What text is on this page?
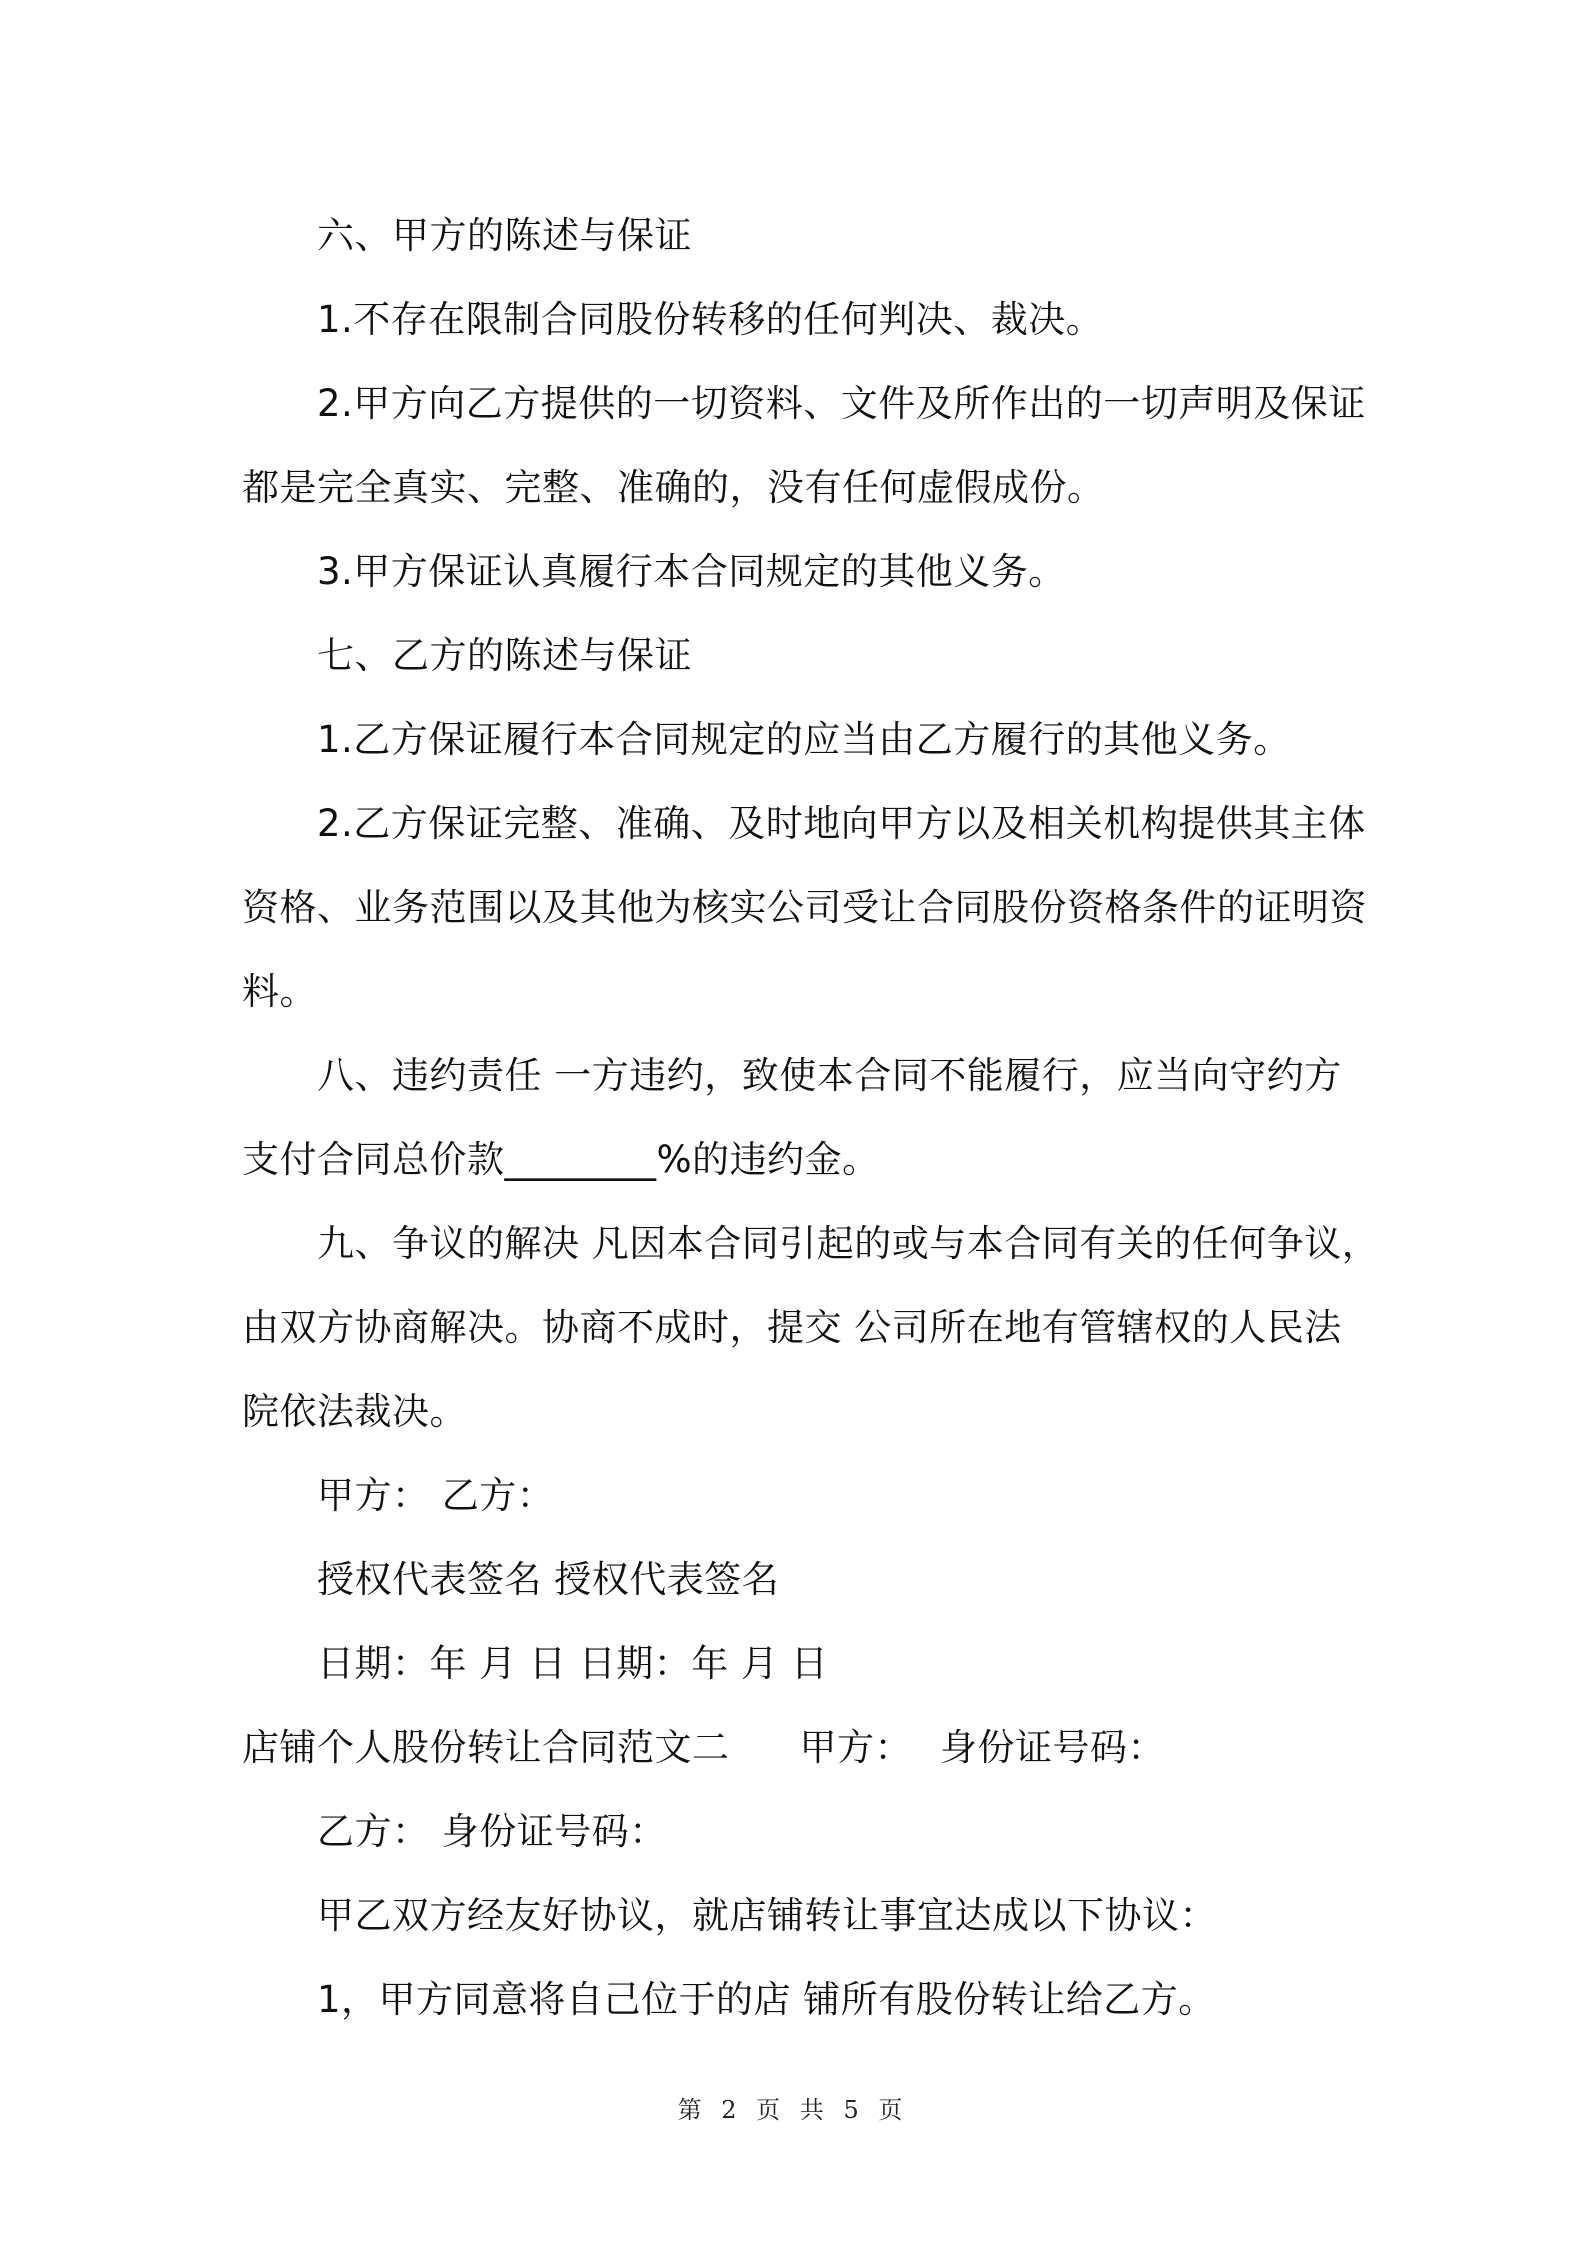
六、甲方的陈述与保证
1.不存在限制合同股份转移的任何判决、裁决。
2.甲方向乙方提供的一切资料、文件及所作出的一切声明及保证
都是完全真实、完整、准确的，没有任何虚假成份。
3.甲方保证认真履行本合同规定的其他义务。
七、乙方的陈述与保证
1.乙方保证履行本合同规定的应当由乙方履行的其他义务。
2.乙方保证完整、准确、及时地向甲方以及相关机构提供其主体
资格、业务范围以及其他为核实公司受让合同股份资格条件的证明资
料。
八、违约责任 一方违约，致使本合同不能履行，应当向守约方
支付合同总价款________%的违约金。
九、争议的解决 凡因本合同引起的或与本合同有关的任何争议，
由双方协商解决。协商不成时，提交 公司所在地有管辖权的人民法
院依法裁决。
甲方： 乙方：
授权代表签名 授权代表签名
日期：年 月 日 日期：年 月 日
店铺个人股份转让合同范文二 甲方： 身份证号码：
乙方： 身份证号码：
甲乙双方经友好协议，就店铺转让事宜达成以下协议：
1，甲方同意将自己位于的店 铺所有股份转让给乙方。
第 2 页 共 5 页
